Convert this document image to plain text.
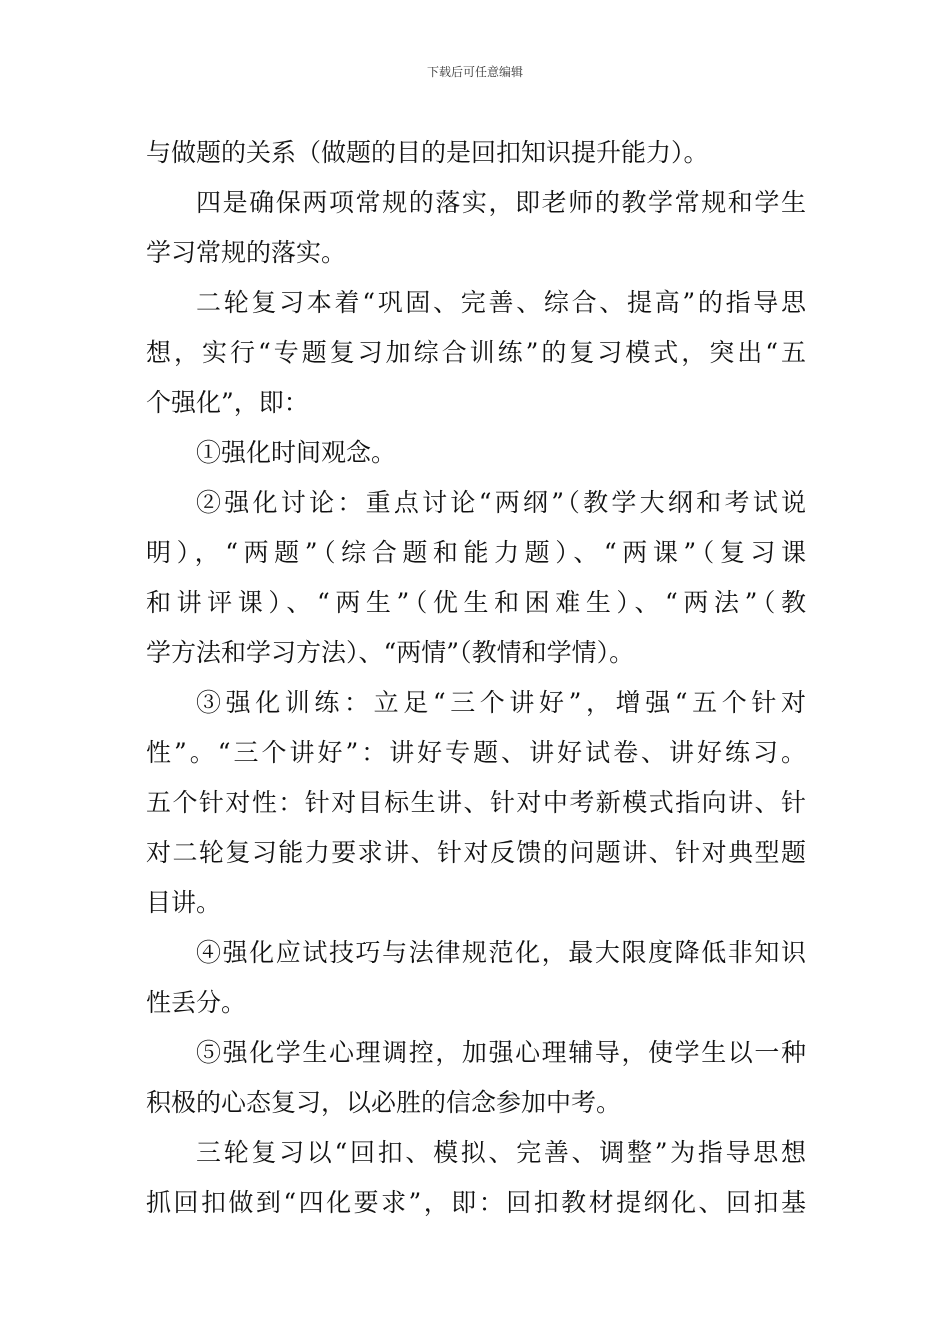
下载后可任意编辑
与做题的关系（做题的目的是回扣知识提升能力）。
四是确保两项常规的落实，即老师的教学常规和学生
学习常规的落实。
二轮复习本着“巩固、完善、综合、提高”的指导思
想，实行“专题复习加综合训练”的复习模式，突出“五
个强化”，即：
①强化时间观念。
②强化讨论：重点讨论“两纲”（教学大纲和考试说
明），“两题”（综合题和能力题）、“两课”（复习课
和讲评课）、“两生”（优生和困难生）、“两法”（教
学方法和学习方法）、“两情”（教情和学情）。
③强化训练：立足“三个讲好”，增强“五个针对
性”。“三个讲好”：讲好专题、讲好试卷、讲好练习。
五个针对性：针对目标生讲、针对中考新模式指向讲、针
对二轮复习能力要求讲、针对反馈的问题讲、针对典型题
目讲。
④强化应试技巧与法律规范化，最大限度降低非知识
性丢分。
⑤强化学生心理调控，加强心理辅导，使学生以一种
积极的心态复习，以必胜的信念参加中考。
三轮复习以“回扣、模拟、完善、调整”为指导思想
抓回扣做到“四化要求”，即：回扣教材提纲化、回扣基
